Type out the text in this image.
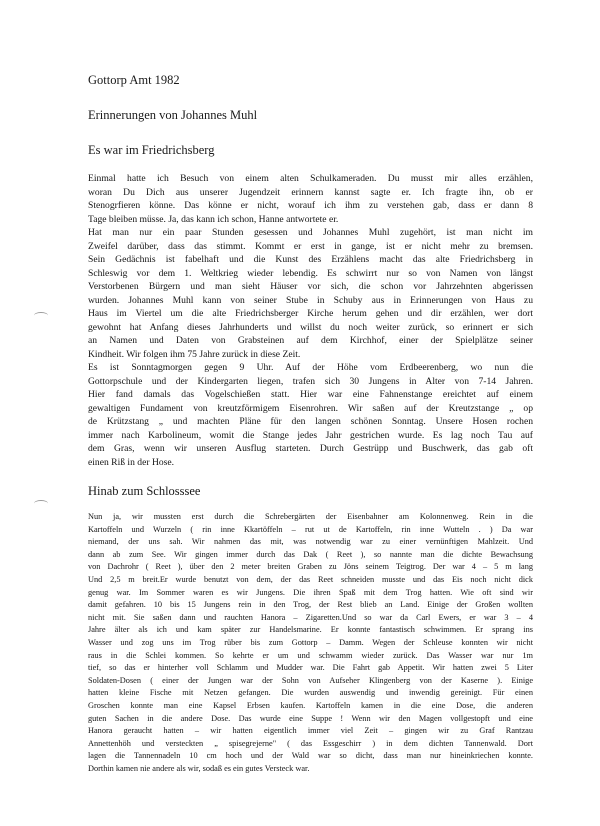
Gottorp Amt 1982
Erinnerungen von Johannes Muhl
Es war im Friedrichsberg
Einmal hatte ich Besuch von einem alten Schulkameraden. Du musst mir alles erzählen,
woran Du Dich aus unserer Jugendzeit erinnern kannst sagte er. Ich fragte ihn, ob er
Stenogrfieren könne. Das könne er nicht, worauf ich ihm zu verstehen gab, dass er dann 8
Tage bleiben müsse. Ja, das kann ich schon, Hanne antwortete er.
Hat man nur ein paar Stunden gesessen und Johannes Muhl zugehört, ist man nicht im
Zweifel darüber, dass das stimmt. Kommt er erst in gange, ist er nicht mehr zu bremsen.
Sein Gedächnis ist fabelhaft und die Kunst des Erzählens macht das alte Friedrichsberg in
Schleswig vor dem 1. Weltkrieg wieder lebendig. Es schwirrt nur so von Namen von längst
Verstorbenen Bürgern und man sieht Häuser vor sich, die schon vor Jahrzehnten abgerissen
wurden. Johannes Muhl kann von seiner Stube in Schuby aus in Erinnerungen von Haus zu
Haus im Viertel um die alte Friedrichsberger Kirche herum gehen und dir erzählen, wer dort
gewohnt hat Anfang dieses Jahrhunderts und willst du noch weiter zurück, so erinnert er sich
an Namen und Daten von Grabsteinen auf dem Kirchhof, einer der Spielplätze seiner
Kindheit. Wir folgen ihm 75 Jahre zurück in diese Zeit.
Es ist Sonntagmorgen gegen 9 Uhr. Auf der Höhe vom Erdbeerenberg, wo nun die
Gottorpschule und der Kindergarten liegen, trafen sich 30 Jungens in Alter von 7-14 Jahren.
Hier fand damals das Vogelschießen statt. Hier war eine Fahnenstange ereichtet auf einem
gewaltigen Fundament von kreutzförmigem Eisenrohren. Wir saßen auf der Kreutzstange „ op
de Krützstang „ und machten Pläne für den langen schönen Sonntag. Unsere Hosen rochen
immer nach Karbolineum, womit die Stange jedes Jahr gestrichen wurde. Es lag noch Tau auf
dem Gras, wenn wir unseren Ausflug starteten. Durch Gestrüpp und Buschwerk, das gab oft
einen Riß in der Hose.
Hinab zum Schlosssee
Nun ja, wir mussten erst durch die Schrebergärten der Eisenbahner am Kolonnenweg. Rein in die
Kartoffeln und Wurzeln ( rin inne Kkartöffeln – rut ut de Kartoffeln, rin inne Wutteln . ) Da war
niemand, der uns sah. Wir nahmen das mit, was notwendig war zu einer vernünftigen Mahlzeit. Und
dann ab zum See. Wir gingen immer durch das Dak ( Reet ), so nannte man die dichte Bewachsung
von Dachrohr ( Reet ), über den 2 meter breiten Graben zu Jöns seinem Teigtrog. Der war 4 – 5 m lang
Und 2,5 m breit.Er wurde benutzt von dem, der das Reet schneiden musste und das Eis noch nicht dick
genug war. Im Sommer waren es wir Jungens. Die ihren Spaß mit dem Trog hatten. Wie oft sind wir
damit gefahren. 10 bis 15 Jungens rein in den Trog, der Rest blieb an Land. Einige der Großen wollten
nicht mit. Sie saßen dann und rauchten Hanora – Zigaretten.Und so war da Carl Ewers, er war 3 – 4
Jahre älter als ich und kam später zur Handelsmarine. Er konnte fantastisch schwimmen. Er sprang ins
Wasser und zog uns im Trog rüber bis zum Gottorp – Damm. Wegen der Schleuse konnten wir nicht
raus in die Schlei kommen. So kehrte er um und schwamm wieder zurück. Das Wasser war nur 1m
tief, so das er hinterher voll Schlamm und Mudder war. Die Fahrt gab Appetit. Wir hatten zwei 5 Liter
Soldaten-Dosen ( einer der Jungen war der Sohn von Aufseher Klingenberg von der Kaserne ). Einige
hatten kleine Fische mit Netzen gefangen. Die wurden auswendig und inwendig gereinigt. Für einen
Groschen konnte man eine Kapsel Erbsen kaufen. Kartoffeln kamen in die eine Dose, die anderen
guten Sachen in die andere Dose. Das wurde eine Suppe ! Wenn wir den Magen vollgestopft und eine
Hanora geraucht hatten – wir hatten eigentlich immer viel Zeit – gingen wir zu Graf Rantzau
Annettenhöh und versteckten „ spisegrejerne" ( das Essgeschirr ) in dem dichten Tannenwald. Dort
lagen die Tannennadeln 10 cm hoch und der Wald war so dicht, dass man nur hineinkriechen konnte.
Dorthin kamen nie andere als wir, sodaß es ein gutes Versteck war.
